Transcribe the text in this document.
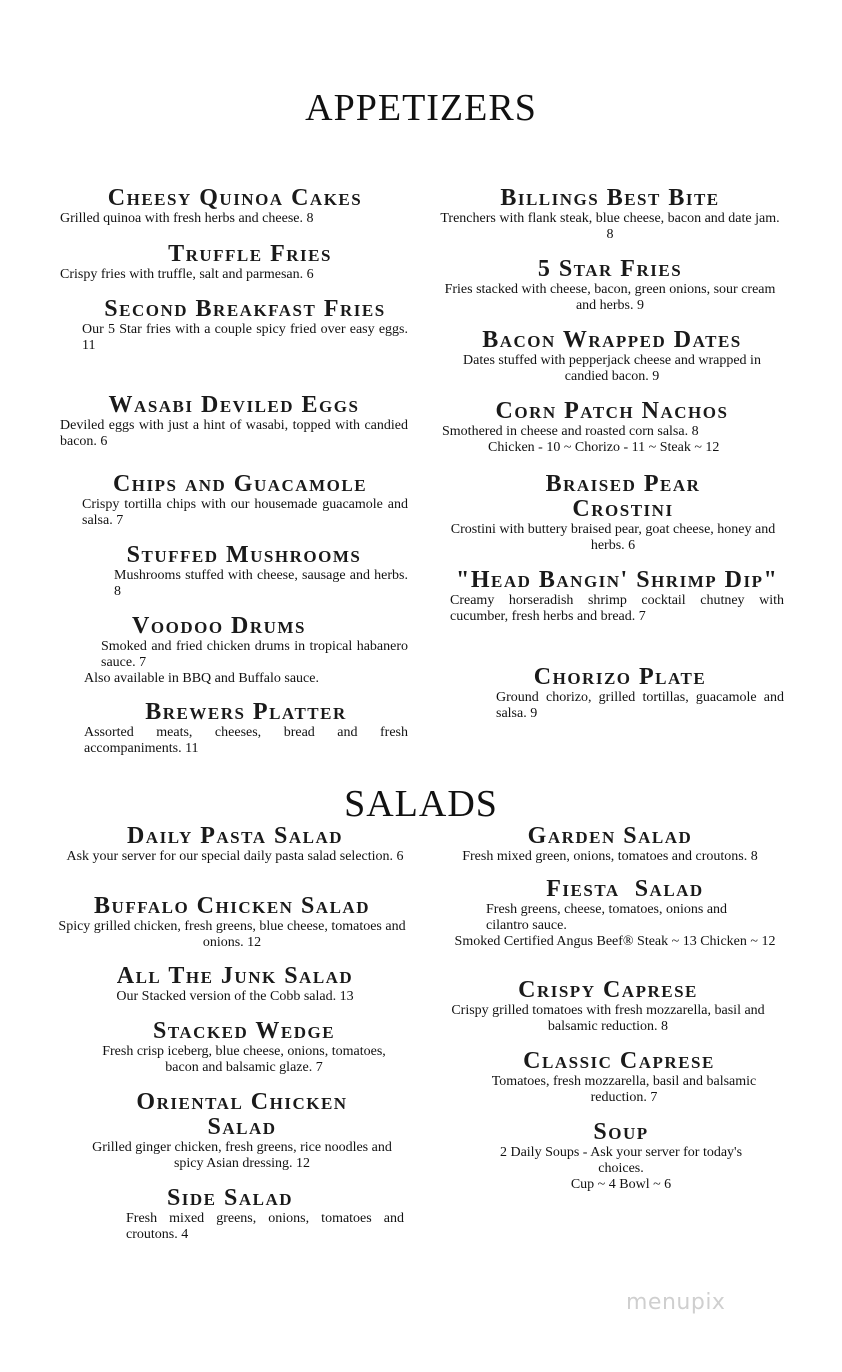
APPETIZERS
Cheesy Quinoa Cakes
Grilled quinoa with fresh herbs and cheese. 8
Truffle Fries
Crispy fries with truffle, salt and parmesan. 6
Second Breakfast Fries
Our 5 Star fries with a couple spicy fried over easy eggs. 11
Wasabi Deviled Eggs
Deviled eggs with just a hint of wasabi, topped with candied bacon. 6
Chips and Guacamole
Crispy tortilla chips with our housemade guacamole and salsa. 7
Stuffed Mushrooms
Mushrooms stuffed with cheese, sausage and herbs. 8
Voodoo Drums
Smoked and fried chicken drums in tropical habanero sauce. 7
Also available in BBQ and Buffalo sauce.
Brewers Platter
Assorted meats, cheeses, bread and fresh accompaniments. 11
Billings Best Bite
Trenchers with flank steak, blue cheese, bacon and date jam. 8
5 Star Fries
Fries stacked with cheese, bacon, green onions, sour cream and herbs. 9
Bacon Wrapped Dates
Dates stuffed with pepperjack cheese and wrapped in candied bacon. 9
Corn Patch Nachos
Smothered in cheese and roasted corn salsa. 8
Chicken - 10 ~ Chorizo - 11 ~ Steak ~ 12
Braised Pear Crostini
Crostini with buttery braised pear, goat cheese, honey and herbs. 6
"Head Bangin' Shrimp Dip"
Creamy horseradish shrimp cocktail chutney with cucumber, fresh herbs and bread. 7
Chorizo Plate
Ground chorizo, grilled tortillas, guacamole and salsa. 9
SALADS
Daily Pasta Salad
Ask your server for our special daily pasta salad selection. 6
Buffalo Chicken Salad
Spicy grilled chicken, fresh greens, blue cheese, tomatoes and onions. 12
All The Junk Salad
Our Stacked version of the Cobb salad. 13
Stacked Wedge
Fresh crisp iceberg, blue cheese, onions, tomatoes, bacon and balsamic glaze. 7
Oriental Chicken Salad
Grilled ginger chicken, fresh greens, rice noodles and spicy Asian dressing. 12
Side Salad
Fresh mixed greens, onions, tomatoes and croutons. 4
Garden Salad
Fresh mixed green, onions, tomatoes and croutons. 8
Fiesta  Salad
Fresh greens, cheese, tomatoes, onions and cilantro sauce.
Smoked Certified Angus Beef® Steak ~ 13 Chicken ~ 12
Crispy Caprese
Crispy grilled tomatoes with fresh mozzarella, basil and balsamic reduction. 8
Classic Caprese
Tomatoes, fresh mozzarella, basil and balsamic reduction. 7
Soup
2 Daily Soups - Ask your server for today's choices.
Cup ~ 4 Bowl ~ 6
menupix
